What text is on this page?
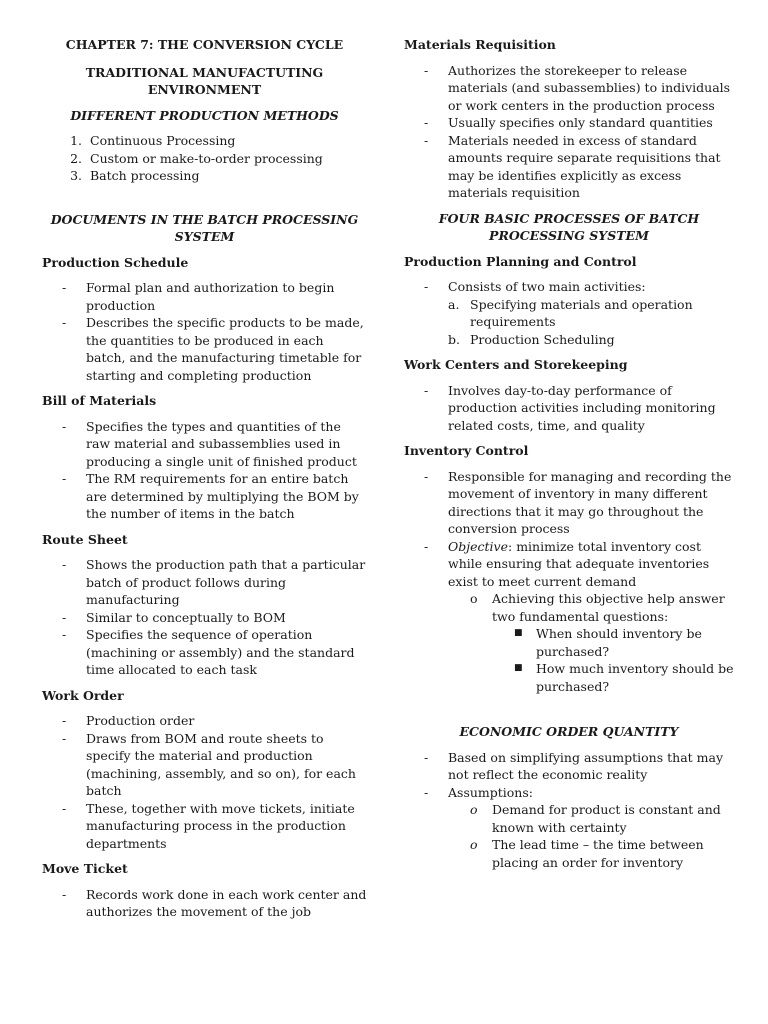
CHAPTER 7: THE CONVERSION CYCLE
TRADITIONAL MANUFACTUTING ENVIRONMENT
DIFFERENT PRODUCTION METHODS
1. Continuous Processing
2. Custom or make-to-order processing
3. Batch processing
DOCUMENTS IN THE BATCH PROCESSING SYSTEM
Production Schedule
- Formal plan and authorization to begin production
- Describes the specific products to be made, the quantities to be produced in each batch, and the manufacturing timetable for starting and completing production
Bill of Materials
- Specifies the types and quantities of the raw material and subassemblies used in producing a single unit of finished product
- The RM requirements for an entire batch are determined by multiplying the BOM by the number of items in the batch
Route Sheet
- Shows the production path that a particular batch of product follows during manufacturing
- Similar to conceptually to BOM
- Specifies the sequence of operation (machining or assembly) and the standard time allocated to each task
Work Order
- Production order
- Draws from BOM and route sheets to specify the material and production (machining, assembly, and so on), for each batch
- These, together with move tickets, initiate manufacturing process in the production departments
Move Ticket
- Records work done in each work center and authorizes the movement of the job
Materials Requisition
- Authorizes the storekeeper to release materials (and subassemblies) to individuals or work centers in the production process
- Usually specifies only standard quantities
- Materials needed in excess of standard amounts require separate requisitions that may be identifies explicitly as excess materials requisition
FOUR BASIC PROCESSES OF BATCH PROCESSING SYSTEM
Production Planning and Control
- Consists of two main activities:
a. Specifying materials and operation requirements
b. Production Scheduling
Work Centers and Storekeeping
- Involves day-to-day performance of production activities including monitoring related costs, time, and quality
Inventory Control
- Responsible for managing and recording the movement of inventory in many different directions that it may go throughout the conversion process
- Objective: minimize total inventory cost while ensuring that adequate inventories exist to meet current demand
o Achieving this objective help answer two fundamental questions:
■ When should inventory be purchased?
■ How much inventory should be purchased?
ECONOMIC ORDER QUANTITY
- Based on simplifying assumptions that may not reflect the economic reality
- Assumptions:
o Demand for product is constant and known with certainty
o The lead time – the time between placing an order for inventory
